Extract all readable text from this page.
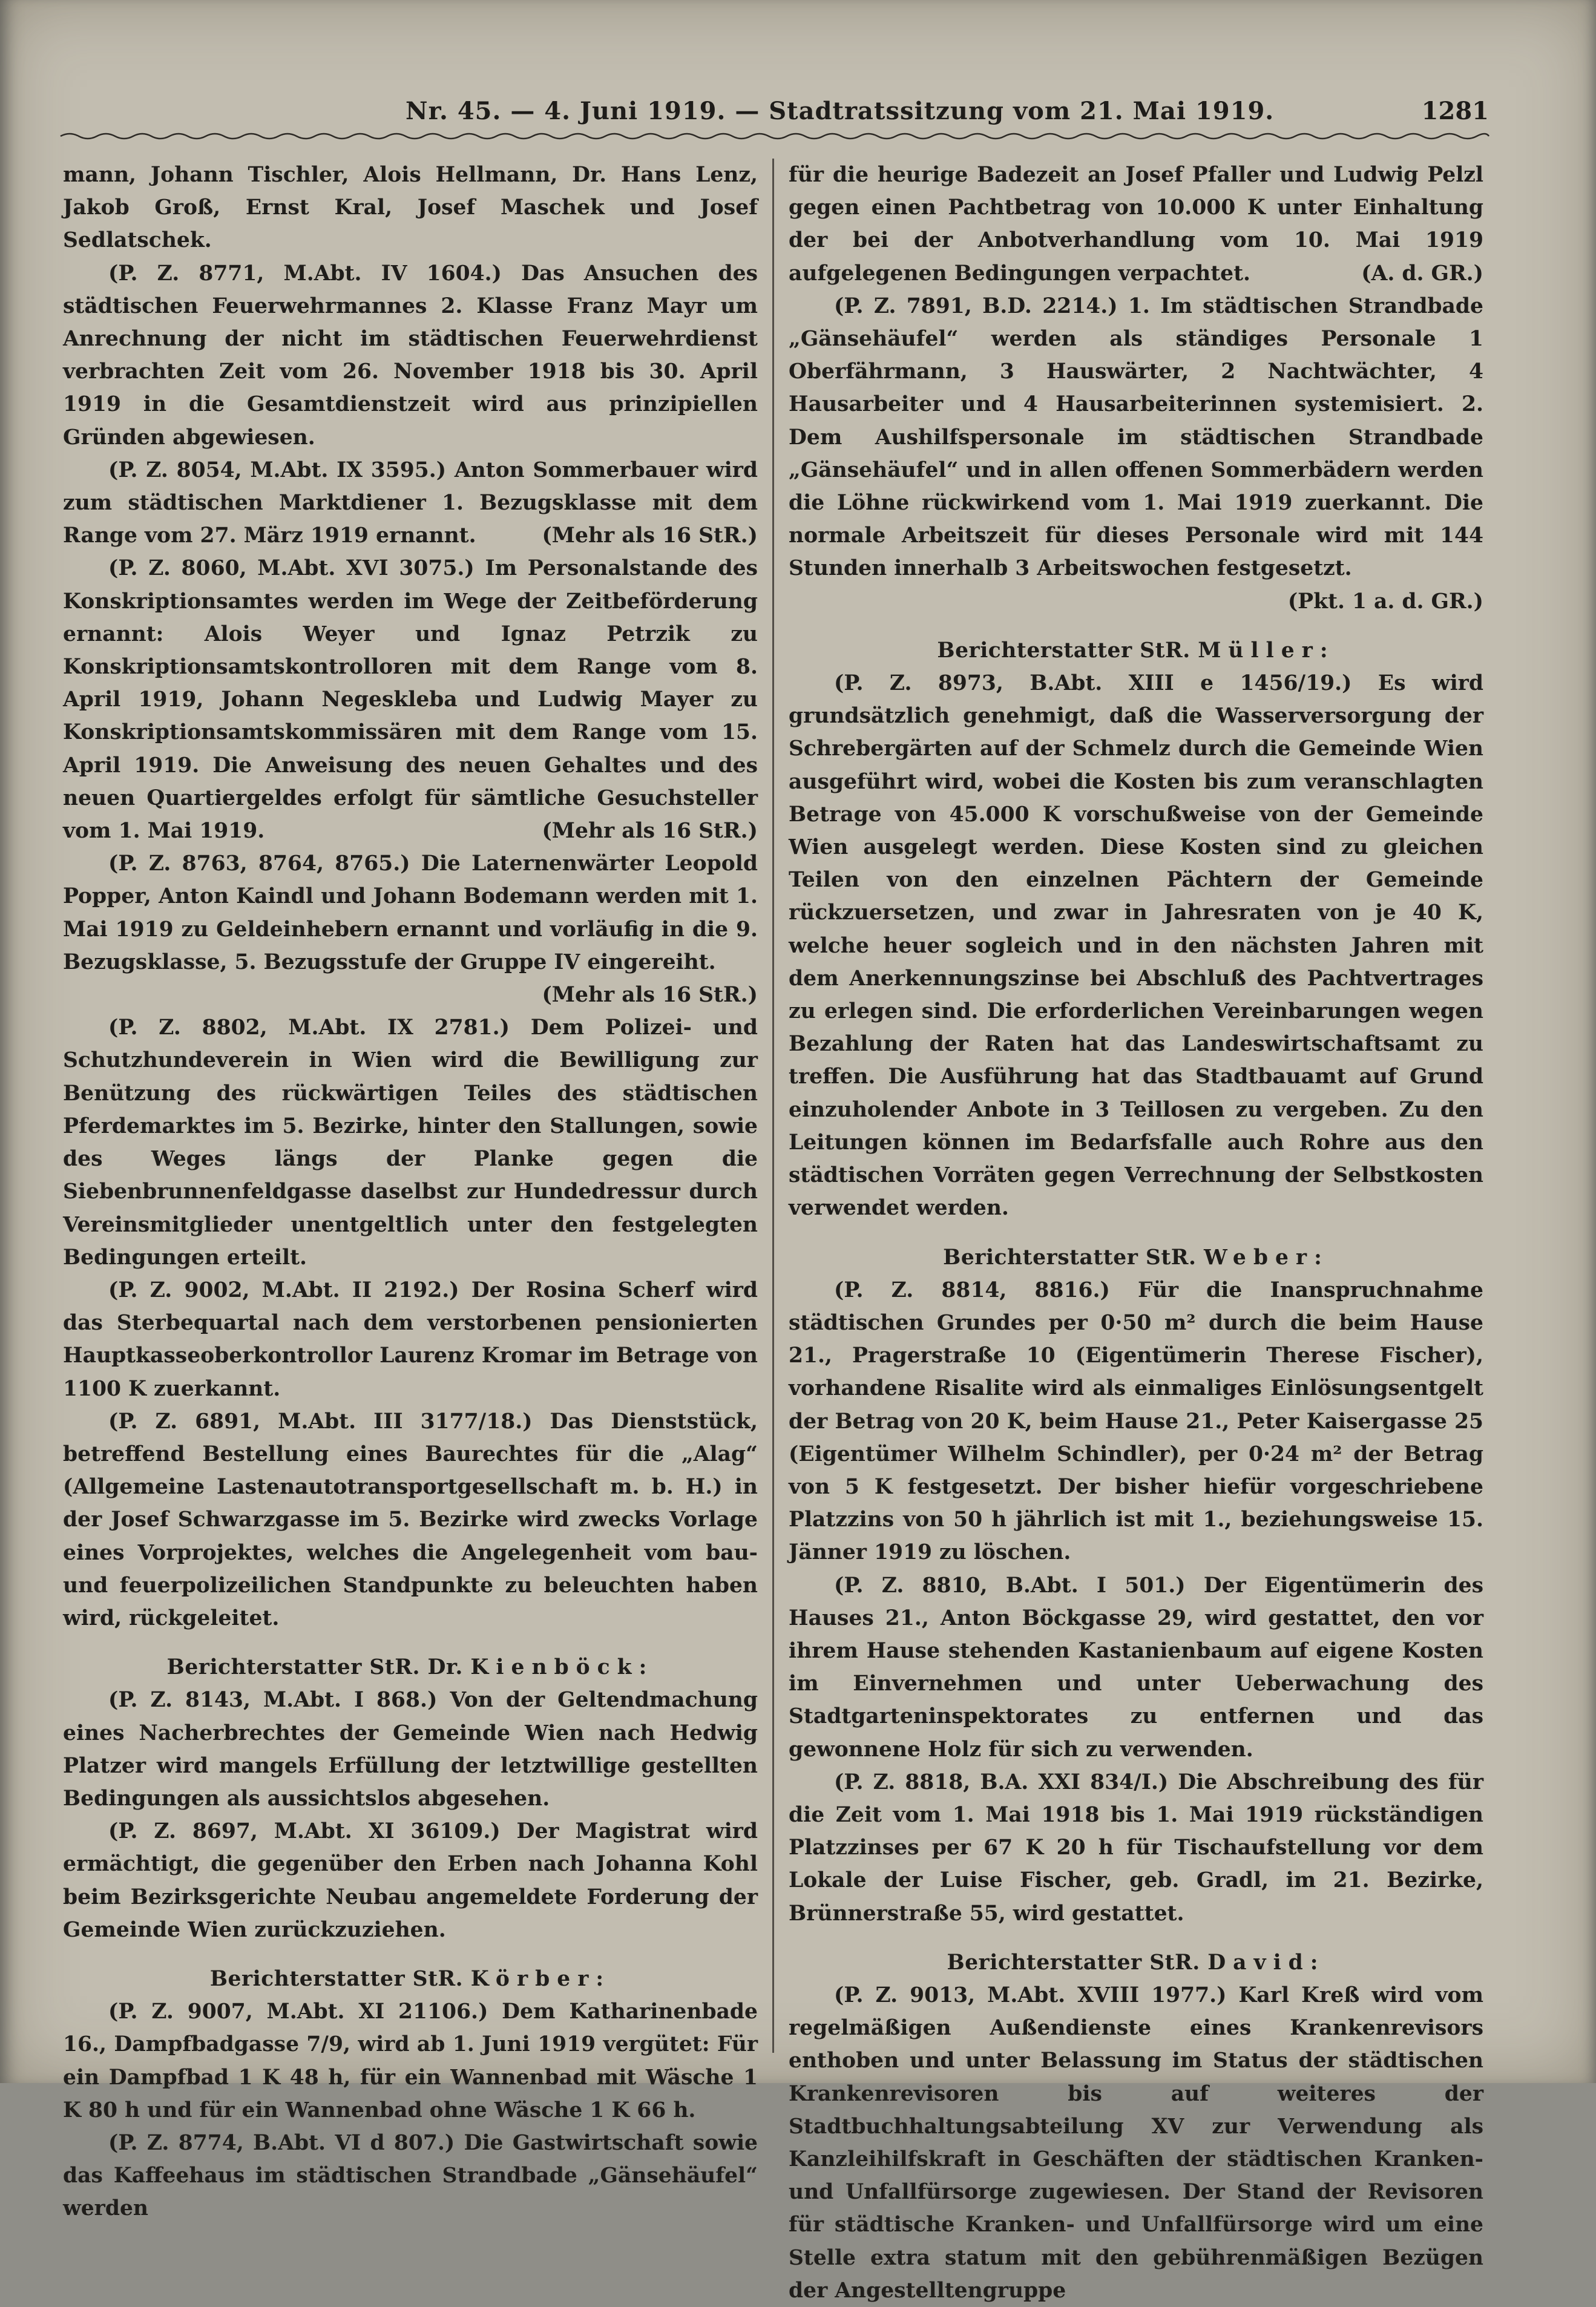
Nr. 45. — 4. Juni 1919. — Stadtratssitzung vom 21. Mai 1919.	1281

mann, Johann Tischler, Alois Hellmann, Dr. Hans Lenz, Jakob Groß, Ernst Kral, Josef Maschek und Josef Sedlatschek.

(P. Z. 8771, M.Abt. IV 1604.) Das Ansuchen des städtischen Feuerwehrmannes 2. Klasse Franz Mayr um Anrechnung der nicht im städtischen Feuerwehrdienst verbrachten Zeit vom 26. November 1918 bis 30. April 1919 in die Gesamtdienstzeit wird aus prinzipiellen Gründen abgewiesen.

(P. Z. 8054, M.Abt. IX 3595.) Anton Sommerbauer wird zum städtischen Marktdiener 1. Bezugsklasse mit dem Range vom 27. März 1919 ernannt.	(Mehr als 16 StR.)

(P. Z. 8060, M.Abt. XVI 3075.) Im Personalstande des Konskriptionsamtes werden im Wege der Zeitbeförderung ernannt: Alois Weyer und Ignaz Petrzik zu Konskriptionsamtskontrolloren mit dem Range vom 8. April 1919, Johann Negeskleba und Ludwig Mayer zu Konskriptionsamtskommissären mit dem Range vom 15. April 1919. Die Anweisung des neuen Gehaltes und des neuen Quartiergeldes erfolgt für sämtliche Gesuchsteller vom 1. Mai 1919.	(Mehr als 16 StR.)

(P. Z. 8763, 8764, 8765.) Die Laternenwärter Leopold Popper, Anton Kaindl und Johann Bodemann werden mit 1. Mai 1919 zu Geldeinhebern ernannt und vorläufig in die 9. Bezugsklasse, 5. Bezugsstufe der Gruppe IV eingereiht.

(Mehr als 16 StR.)

(P. Z. 8802, M.Abt. IX 2781.) Dem Polizei- und Schutzhundeverein in Wien wird die Bewilligung zur Benützung des rückwärtigen Teiles des städtischen Pferdemarktes im 5. Bezirke, hinter den Stallungen, sowie des Weges längs der Planke gegen die Siebenbrunnenfeldgasse daselbst zur Hundedressur durch Vereinsmitglieder unentgeltlich unter den festgelegten Bedingungen erteilt.

(P. Z. 9002, M.Abt. II 2192.) Der Rosina Scherf wird das Sterbequartal nach dem verstorbenen pensionierten Hauptkasseoberkontrollor Laurenz Kromar im Betrage von 1100 K zuerkannt.

(P. Z. 6891, M.Abt. III 3177/18.) Das Dienststück, betreffend Bestellung eines Baurechtes für die „Alag“ (Allgemeine Lastenautotransportgesellschaft m. b. H.) in der Josef Schwarzgasse im 5. Bezirke wird zwecks Vorlage eines Vorprojektes, welches die Angelegenheit vom bau- und feuerpolizeilichen Standpunkte zu beleuchten haben wird, rückgeleitet.

Berichterstatter StR. Dr. Kienböck:

(P. Z. 8143, M.Abt. I 868.) Von der Geltendmachung eines Nacherbrechtes der Gemeinde Wien nach Hedwig Platzer wird mangels Erfüllung der letztwillige gestellten Bedingungen als aussichtslos abgesehen.

(P. Z. 8697, M.Abt. XI 36109.) Der Magistrat wird ermächtigt, die gegenüber den Erben nach Johanna Kohl beim Bezirksgerichte Neubau angemeldete Forderung der Gemeinde Wien zurückzuziehen.

Berichterstatter StR. Körber:

(P. Z. 9007, M.Abt. XI 21106.) Dem Katharinenbade 16., Dampfbadgasse 7/9, wird ab 1. Juni 1919 vergütet: Für ein Dampfbad 1 K 48 h, für ein Wannenbad mit Wäsche 1 K 80 h und für ein Wannenbad ohne Wäsche 1 K 66 h.

(P. Z. 8774, B.Abt. VI d 807.) Die Gastwirtschaft sowie das Kaffeehaus im städtischen Strandbade „Gänsehäufel“ werden

für die heurige Badezeit an Josef Pfaller und Ludwig Pelzl gegen einen Pachtbetrag von 10.000 K unter Einhaltung der bei der Anbotverhandlung vom 10. Mai 1919 aufgelegenen Bedingungen verpachtet.	(A. d. GR.)

(P. Z. 7891, B.D. 2214.) 1. Im städtischen Strandbade „Gänsehäufel“ werden als ständiges Personale 1 Oberfährmann, 3 Hauswärter, 2 Nachtwächter, 4 Hausarbeiter und 4 Hausarbeiterinnen systemisiert. 2. Dem Aushilfspersonale im städtischen Strandbade „Gänsehäufel“ und in allen offenen Sommerbädern werden die Löhne rückwirkend vom 1. Mai 1919 zuerkannt. Die normale Arbeitszeit für dieses Personale wird mit 144 Stunden innerhalb 3 Arbeitswochen festgesetzt.
(Pkt. 1 a. d. GR.)

Berichterstatter StR. Müller:

(P. Z. 8973, B.Abt. XIII e 1456/19.) Es wird grundsätzlich genehmigt, daß die Wasserversorgung der Schrebergärten auf der Schmelz durch die Gemeinde Wien ausgeführt wird, wobei die Kosten bis zum veranschlagten Betrage von 45.000 K vorschußweise von der Gemeinde Wien ausgelegt werden. Diese Kosten sind zu gleichen Teilen von den einzelnen Pächtern der Gemeinde rückzuersetzen, und zwar in Jahresraten von je 40 K, welche heuer sogleich und in den nächsten Jahren mit dem Anerkennungszinse bei Abschluß des Pachtvertrages zu erlegen sind. Die erforderlichen Vereinbarungen wegen Bezahlung der Raten hat das Landeswirtschaftsamt zu treffen. Die Ausführung hat das Stadtbauamt auf Grund einzuholender Anbote in 3 Teillosen zu vergeben. Zu den Leitungen können im Bedarfsfalle auch Rohre aus den städtischen Vorräten gegen Verrechnung der Selbstkosten verwendet werden.

Berichterstatter StR. Weber:

(P. Z. 8814, 8816.) Für die Inanspruchnahme städtischen Grundes per 0·50 m² durch die beim Hause 21., Pragerstraße 10 (Eigentümerin Therese Fischer), vorhandene Risalite wird als einmaliges Einlösungsentgelt der Betrag von 20 K, beim Hause 21., Peter Kaisergasse 25 (Eigentümer Wilhelm Schindler), per 0·24 m² der Betrag von 5 K festgesetzt. Der bisher hiefür vorgeschriebene Platzzins von 50 h jährlich ist mit 1., beziehungsweise 15. Jänner 1919 zu löschen.

(P. Z. 8810, B.Abt. I 501.) Der Eigentümerin des Hauses 21., Anton Böckgasse 29, wird gestattet, den vor ihrem Hause stehenden Kastanienbaum auf eigene Kosten im Einvernehmen und unter Ueberwachung des Stadtgarteninspektorates zu entfernen und das gewonnene Holz für sich zu verwenden.

(P. Z. 8818, B.A. XXI 834/I.) Die Abschreibung des für die Zeit vom 1. Mai 1918 bis 1. Mai 1919 rückständigen Platzzinses per 67 K 20 h für Tischaufstellung vor dem Lokale der Luise Fischer, geb. Gradl, im 21. Bezirke, Brünnerstraße 55, wird gestattet.

Berichterstatter StR. David:

(P. Z. 9013, M.Abt. XVIII 1977.) Karl Kreß wird vom regelmäßigen Außendienste eines Krankenrevisors enthoben und unter Belassung im Status der städtischen Krankenrevisoren bis auf weiteres der Stadtbuchhaltungsabteilung XV zur Verwendung als Kanzleihilfskraft in Geschäften der städtischen Kranken- und Unfallfürsorge zugewiesen. Der Stand der Revisoren für städtische Kranken- und Unfallfürsorge wird um eine Stelle extra statum mit den gebührenmäßigen Bezügen der Angestelltengruppe
